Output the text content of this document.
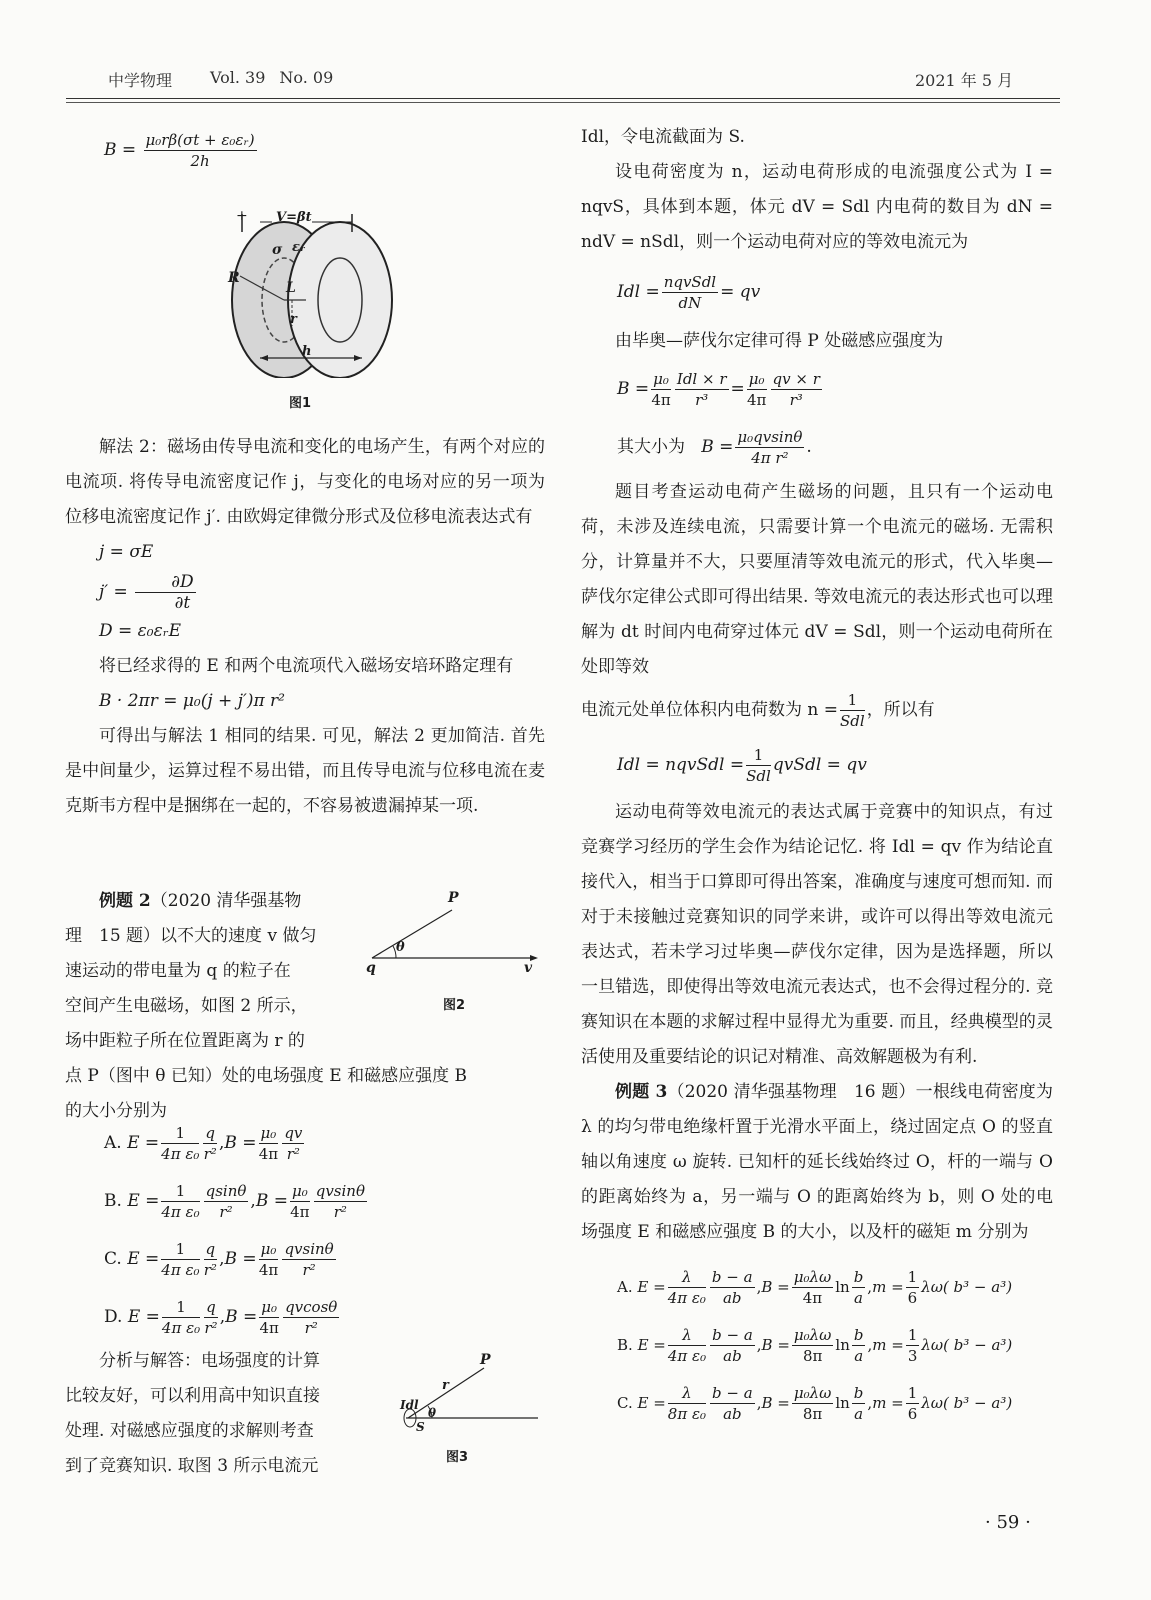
中学物理 Vol. 39 No. 09	2021 年 5 月
$B = \frac{\text{μ₀rβ(σt + ε₀εᵣ)}}{2h}$
+ V=βt
σ εᵣ
R
L
r
h
图1

解法 2：磁场由传导电流和变化的电场产生，有两个对应的电流项. 将传导电流密度记作 j，与变化的电场对应的另一项为位移电流密度记作 j′. 由欧姆定律微分形式及位移电流表达式有

j = σE

$j' = \frac{\partial D}{\partial t}$

D = ε₀εᵣE

将已经求得的 E 和两个电流项代入磁场安培环路定理有

B · 2πr = μ₀(j + j′)π r²

可得出与解法 1 相同的结果. 可见，解法 2 更加简洁. 首先是中间量少，运算过程不易出错，而且传导电流与位移电流在麦克斯韦方程中是捆绑在一起的，不容易被遗漏掉某一项.

例题 2（2020 清华强基物
理　15 题）以不大的速度 v 做匀
速运动的带电量为 q 的粒子在
空间产生电磁场，如图 2 所示，
场中距粒子所在位置距离为 r 的
点 P（图中 θ 已知）处的电场强度 E 和磁感应强度 B
的大小分别为
P
q	v
θ
图2
A.
$E = \frac{1}{\text{4π ε₀}} \frac{q}{\text{r²}}$ , $B = \frac{\text{μ₀}}{4\pi} \frac{qv}{\text{r²}}$
B.
$E = \frac{1}{\text{4π ε₀}} \frac{qsin\theta}{\text{r²}}$ , $B = \frac{\text{μ₀}}{4\pi} \frac{qvsin\theta}{\text{r²}}$
C.
$E = \frac{1}{\text{4π ε₀}} \frac{q}{\text{r²}}$ , $B = \frac{\text{μ₀}}{4\pi} \frac{qvsin\theta}{\text{r²}}$
D.
$E = \frac{1}{\text{4π ε₀}} \frac{q}{\text{r²}}$ , $B = \frac{\text{μ₀}}{4\pi} \frac{qvcos\theta}{\text{r²}}$
分析与解答：电场强度的计算
比较友好，可以利用高中知识直接
处理. 对磁感应强度的求解则考查
到了竞赛知识. 取图 3 所示电流元
P
r
Idl
θ
S
图3

Idl，令电流截面为 S.

设电荷密度为 n，运动电荷形成的电流强度公式为 I = nqvS，具体到本题，体元 dV = Sdl 内电荷的数目为 dN = ndV = nSdl，则一个运动电荷对应的等效电流元为

Idl = $\frac{\text{nqvSdl}}{dN}$ = qv

由毕奥—萨伐尔定律可得 P 处磁感应强度为

$B = \frac{\text{μ₀}}{4\pi} \frac{\text{Idl × r}}{\text{r³}} = \frac{\text{μ₀}}{4\pi} \frac{qv \times r}{\text{r³}}$
其大小为
$B = \frac{\text{μ₀qvsinθ}}{\text{4π r²}}$ .

题目考查运动电荷产生磁场的问题，且只有一个运动电荷，未涉及连续电流，只需要计算一个电流元的磁场. 无需积分，计算量并不大，只要厘清等效电流元的形式，代入毕奥—萨伐尔定律公式即可得出结果. 等效电流元的表达形式也可以理解为 dt 时间内电荷穿过体元 dV = Sdl，则一个运动电荷所在处即等效

电流元处单位体积内电荷数为 $n = \frac{1}{\text{Sdl}}$ ，所以有
Idl = nqvSdl = $\frac{1}{\text{Sdl}}$ qvSdl = qv

运动电荷等效电流元的表达式属于竞赛中的知识点，有过竞赛学习经历的学生会作为结论记忆. 将 Idl = qv 作为结论直接代入，相当于口算即可得出答案，准确度与速度可想而知. 而对于未接触过竞赛知识的同学来讲，或许可以得出等效电流元表达式，若未学习过毕奥—萨伐尔定律，因为是选择题，所以一旦错选，即使得出等效电流元表达式，也不会得过程分的. 竞赛知识在本题的求解过程中显得尤为重要. 而且，经典模型的灵活使用及重要结论的识记对精准、高效解题极为有利.

例题 3（2020 清华强基物理　16 题）一根线电荷密度为 λ 的均匀带电绝缘杆置于光滑水平面上，绕过固定点 O 的竖直轴以角速度 ω 旋转. 已知杆的延长线始终过 O，杆的一端与 O 的距离始终为 a，另一端与 O 的距离始终为 b，则 O 处的电场强度 E 和磁感应强度 B 的大小，以及杆的磁矩 m 分别为

A.
$E = \frac{\lambda}{\text{4π ε₀}} \frac{b - a}{ab}$ , $B = \frac{\text{μ₀λω}}{4\pi}$ $\ln \frac{b}{a}$ , $m = \frac{1}{6} \lambda\omega$( b³ − a³)
B.
$E = \frac{\lambda}{\text{4π ε₀}} \frac{b - a}{ab}$ , $B = \frac{\text{μ₀λω}}{8\pi}$ $\ln \frac{b}{a}$ , $m = \frac{1}{3} \lambda\omega$( b³ − a³)
C.
$E = \frac{\lambda}{\text{8π ε₀}} \frac{b - a}{ab}$ , $B = \frac{\text{μ₀λω}}{8\pi}$ $\ln \frac{b}{a}$ , $m = \frac{1}{6} \lambda\omega$( b³ − a³)
· 59 ·
